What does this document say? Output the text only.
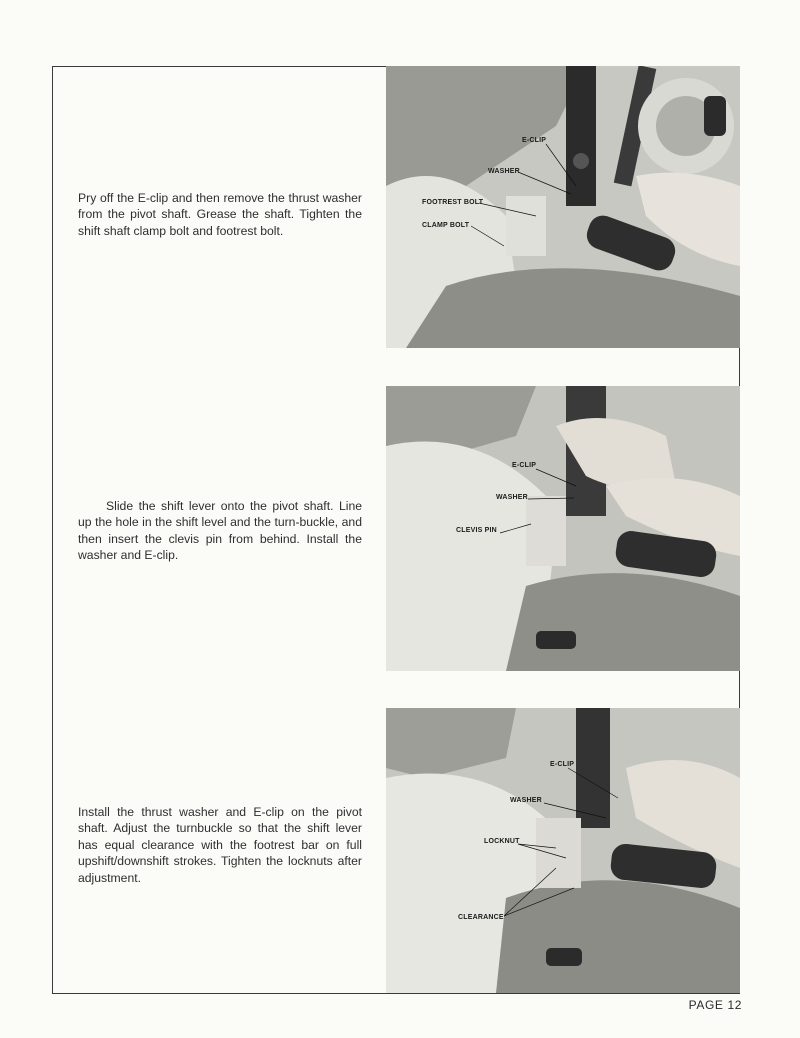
Pry off the E-clip and then remove the thrust washer from the pivot shaft. Grease the shaft. Tighten the shift shaft clamp bolt and footrest bolt.

E-CLIP
WASHER
FOOTREST BOLT
CLAMP BOLT

Slide the shift lever onto the pivot shaft. Line up the hole in the shift level and the turn-buckle, and then insert the clevis pin from behind. Install the washer and E-clip.

E-CLIP
WASHER
CLEVIS PIN

Install the thrust washer and E-clip on the pivot shaft. Adjust the turnbuckle so that the shift lever has equal clearance with the footrest bar on full upshift/downshift strokes. Tighten the locknuts after adjustment.

E-CLIP
WASHER
LOCKNUT
CLEARANCE
PAGE 12
